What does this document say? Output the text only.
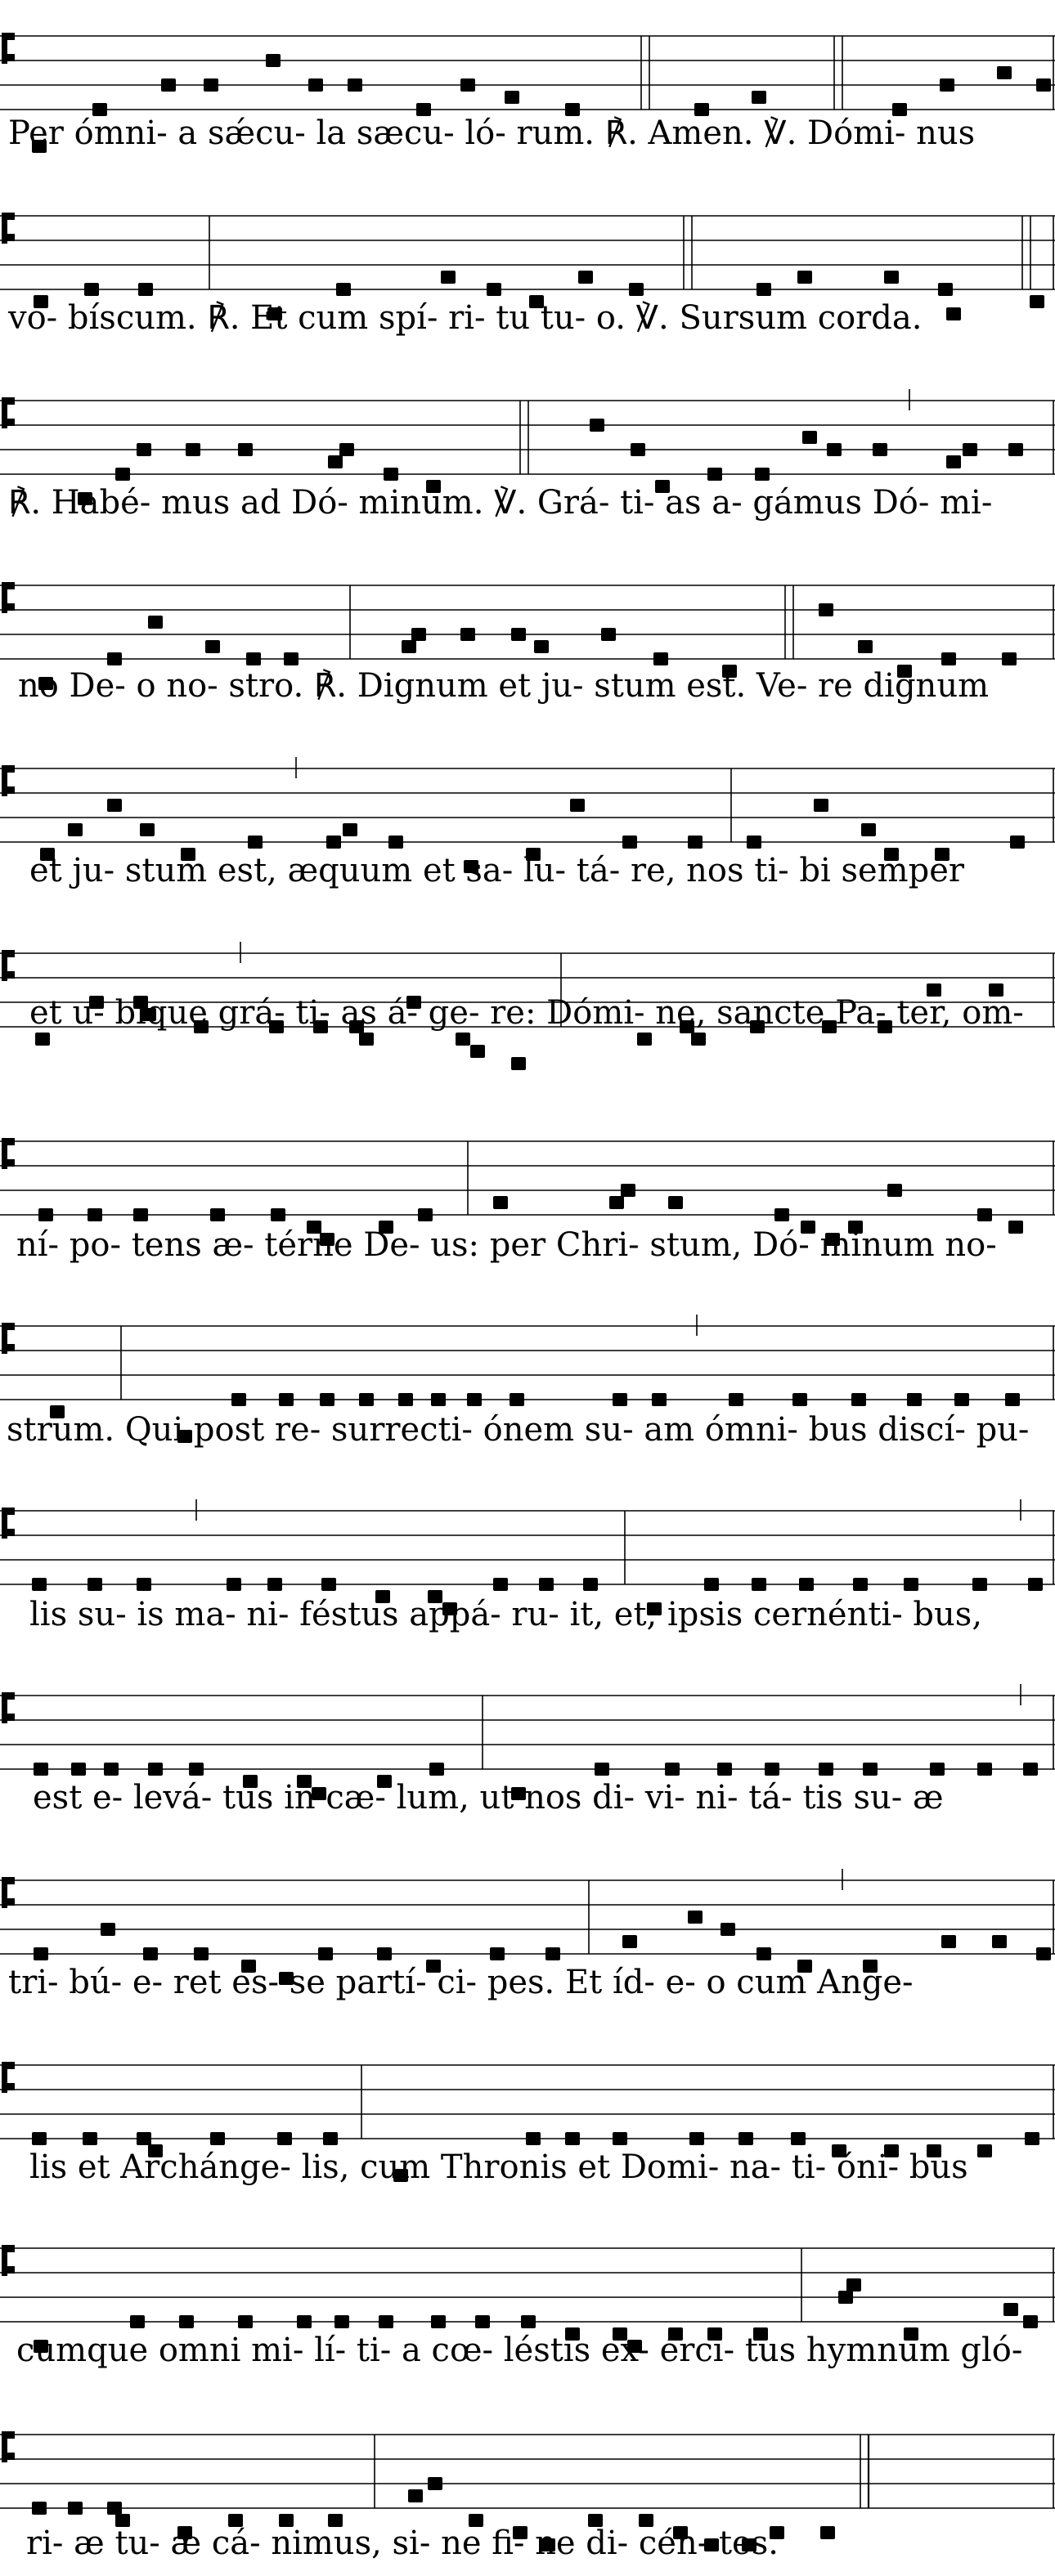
Per ómni- a sǽcu- la sæcu- ló- rum. ℟. Amen. ℣. Dómi- nus
vo- bíscum. ℟. Et cum spí- ri- tu tu- o. ℣. Sursum corda.
℟. Habé- mus ad Dó- minum. ℣. Grá- ti- as a- gámus Dó- mi-
no De- o no- stro. ℟. Dignum et ju- stum est. Ve- re dignum
et ju- stum est, æquum et sa- lu- tá- re, nos ti- bi semper
et u- bíque grá- ti- as á- ge- re: Dómi- ne, sancte Pa- ter, om-
ní- po- tens æ- térne De- us: per Chri- stum, Dó- minum no-
strum. Qui post re- surrecti- ónem su- am ómni- bus discí- pu-
lis su- is ma- ni- féstus appá- ru- it, et, ipsis cernénti- bus,
est e- levá- tus in cæ- lum, ut nos di- vi- ni- tá- tis su- æ
tri- bú- e- ret es- se partí- ci- pes. Et íd- e- o cum Ange-
lis et Archánge- lis, cum Thronis et Domi- na- ti- óni- bus
cumque omni mi- lí- ti- a cœ- léstis ex- érci- tus hymnum gló-
ri- æ tu- æ cá- nimus, si- ne fi- ne di- cén- tes.
